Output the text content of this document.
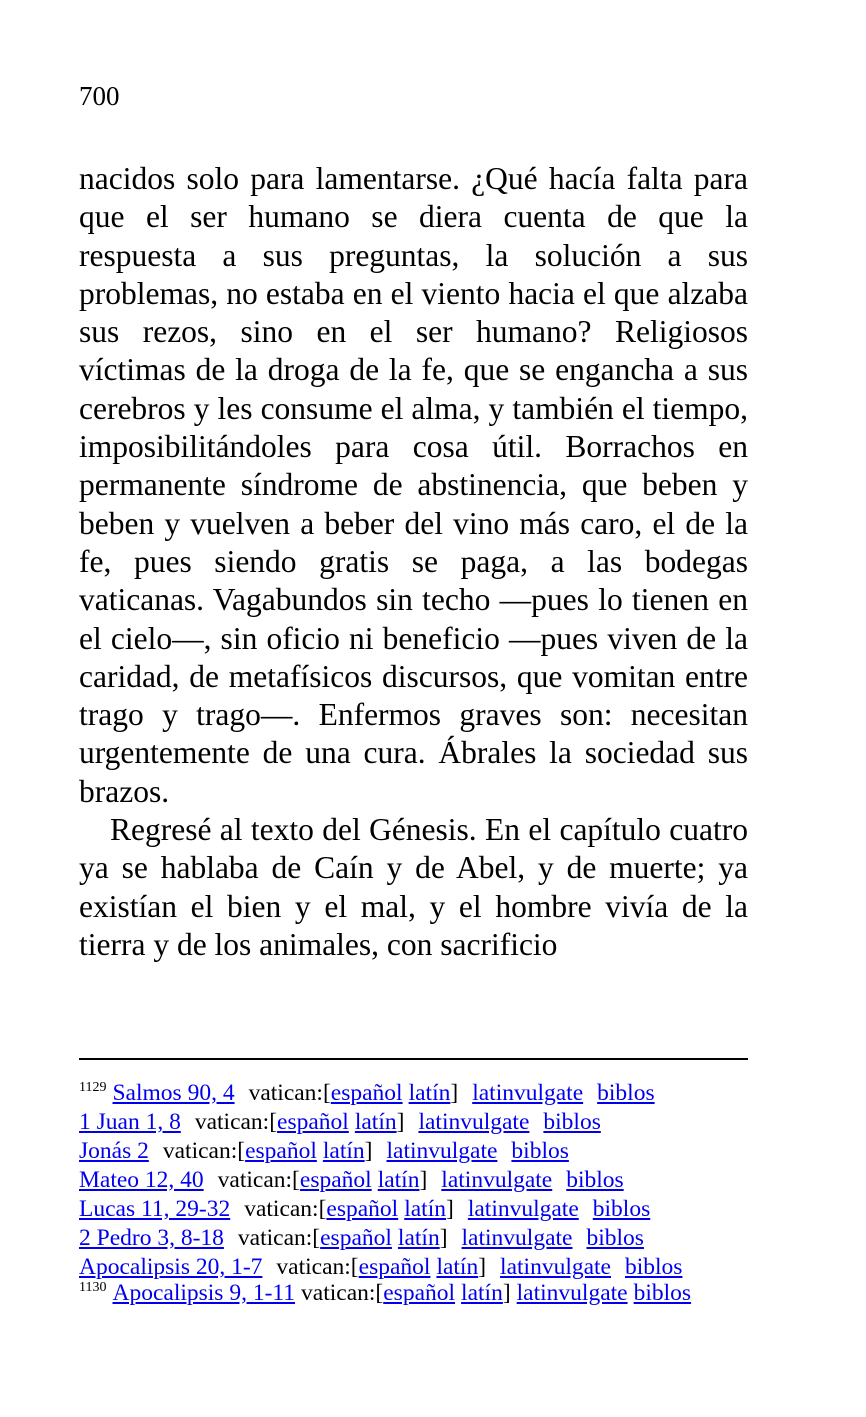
700

nacidos solo para lamentarse. ¿Qué hacía falta para que el ser humano se diera cuenta de que la respuesta a sus preguntas, la solución a sus problemas, no estaba en el viento hacia el que alzaba sus rezos, sino en el ser humano? Religiosos víctimas de la droga de la fe, que se engancha a sus cerebros y les consume el alma, y también el tiempo, imposibilitándoles para cosa útil. Borrachos en permanente síndrome de abstinencia, que beben y beben y vuelven a beber del vino más caro, el de la fe, pues siendo gratis se paga, a las bodegas vaticanas. Vagabundos sin techo —pues lo tienen en el cielo—, sin oficio ni beneficio —pues viven de la caridad, de metafísicos discursos, que vomitan entre trago y trago—. Enfermos graves son: necesitan urgentemente de una cura. Ábrales la sociedad sus brazos.

Regresé al texto del Génesis. En el capítulo cuatro ya se hablaba de Caín y de Abel, y de muerte; ya existían el bien y el mal, y el hombre vivía de la tierra y de los animales, con sacrificio

$^{1129}$ Salmos 90, 4 vatican:[español latín] latinvulgate biblos
1 Juan 1, 8 vatican:[español latín] latinvulgate biblos
Jonás 2 vatican:[español latín] latinvulgate biblos
Mateo 12, 40 vatican:[español latín] latinvulgate biblos
Lucas 11, 29-32 vatican:[español latín] latinvulgate biblos
2 Pedro 3, 8-18 vatican:[español latín] latinvulgate biblos
Apocalipsis 20, 1-7 vatican:[español latín] latinvulgate biblos
$^{1130}$ Apocalipsis 9, 1-11 vatican:[español latín] latinvulgate biblos
